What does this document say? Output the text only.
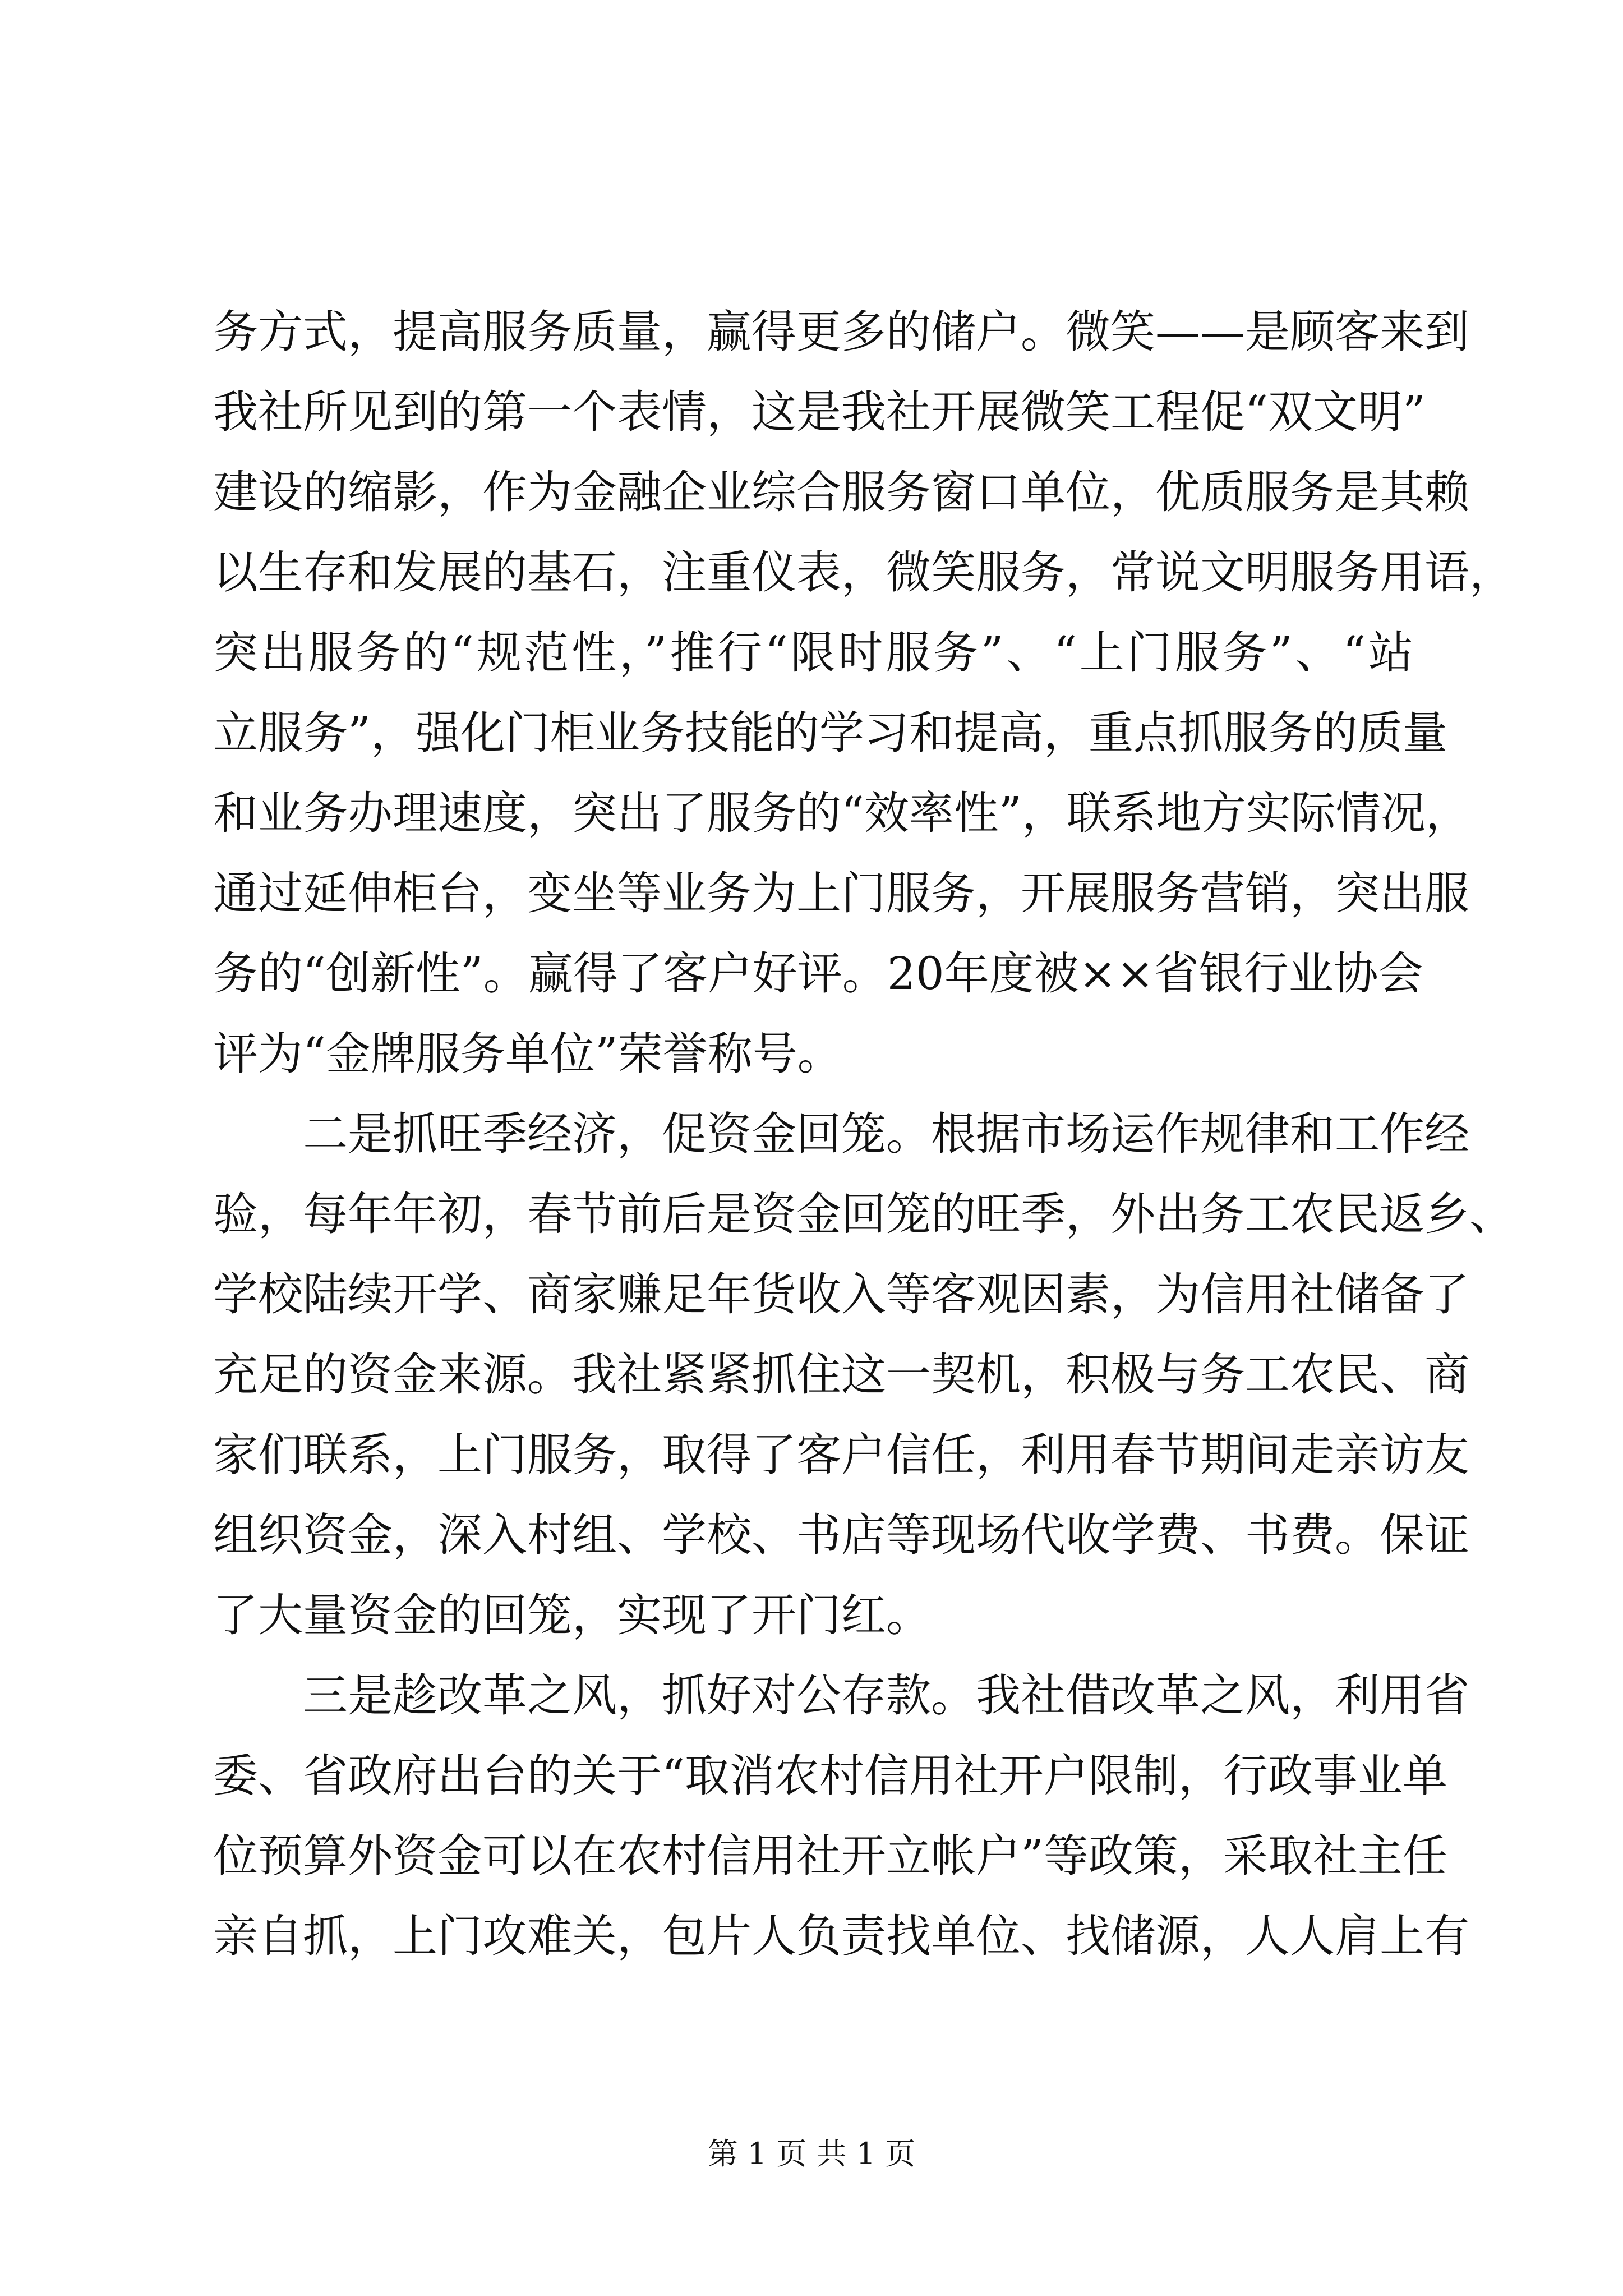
务方式，提高服务质量，赢得更多的储户。微笑——是顾客来到
我社所见到的第一个表情，这是我社开展微笑工程促“双文明”
建设的缩影，作为金融企业综合服务窗口单位，优质服务是其赖
以生存和发展的基石，注重仪表，微笑服务，常说文明服务用语，
突出服务的“规范性，”推行“限时服务”、“上门服务”、“站
立服务”，强化门柜业务技能的学习和提高，重点抓服务的质量
和业务办理速度，突出了服务的“效率性”，联系地方实际情况，
通过延伸柜台，变坐等业务为上门服务，开展服务营销，突出服
务的“创新性”。赢得了客户好评。20年度被××省银行业协会
评为“金牌服务单位”荣誉称号。

二是抓旺季经济，促资金回笼。根据市场运作规律和工作经
验，每年年初，春节前后是资金回笼的旺季，外出务工农民返乡、
学校陆续开学、商家赚足年货收入等客观因素，为信用社储备了
充足的资金来源。我社紧紧抓住这一契机，积极与务工农民、商
家们联系，上门服务，取得了客户信任，利用春节期间走亲访友
组织资金，深入村组、学校、书店等现场代收学费、书费。保证
了大量资金的回笼，实现了开门红。

三是趁改革之风，抓好对公存款。我社借改革之风，利用省
委、省政府出台的关于“取消农村信用社开户限制，行政事业单
位预算外资金可以在农村信用社开立帐户”等政策，采取社主任
亲自抓，上门攻难关，包片人负责找单位、找储源，人人肩上有

第 1 页 共 1 页
